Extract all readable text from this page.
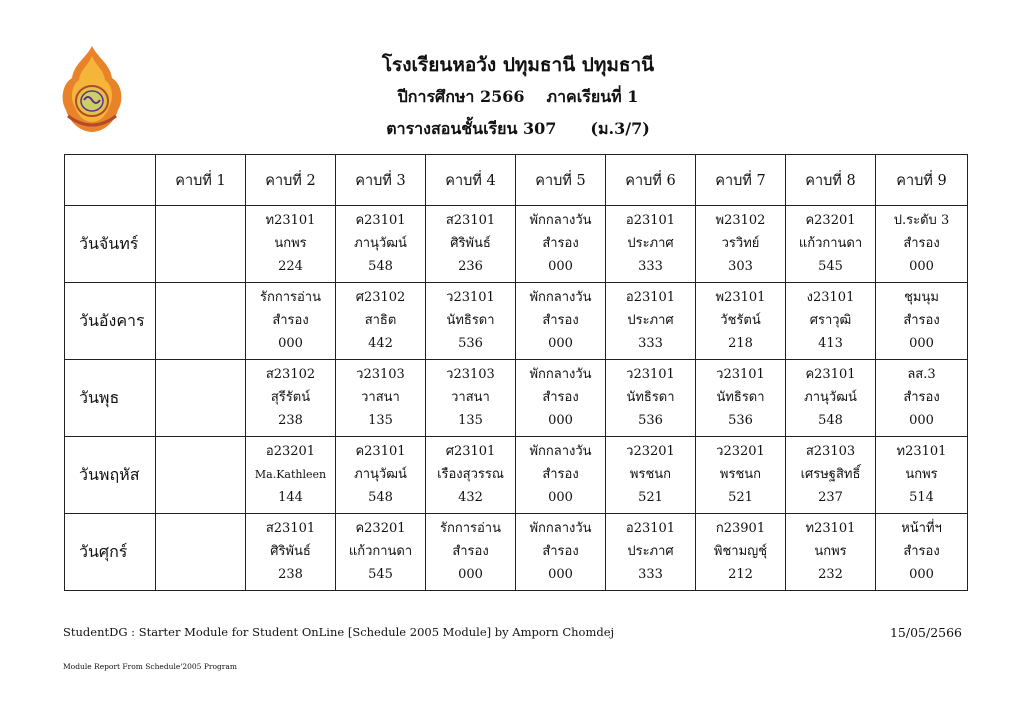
โรงเรียนหอวัง ปทุมธานี ปทุมธานี
ปีการศึกษา 2566 ภาคเรียนที่ 1
ตารางสอนชั้นเรียน 307 (ม.3/7)
	คาบที่ 1	คาบที่ 2	คาบที่ 3	คาบที่ 4	คาบที่ 5	คาบที่ 6	คาบที่ 7	คาบที่ 8	คาบที่ 9
วันจันทร์		ท23101
นกพร
224	ค23101
ภานุวัฒน์
548	ส23101
ศิริพันธ์
236	พักกลางวัน
สำรอง
000	อ23101
ประภาศ
333	พ23102
วรวิทย์
303	ค23201
แก้วกานดา
545	ป.ระดับ 3
สำรอง
000

วันอังคาร		รักการอ่าน
สำรอง
000	ศ23102
สาธิต
442	ว23101
นัทธิรดา
536	พักกลางวัน
สำรอง
000	อ23101
ประภาศ
333	พ23101
วัชรัตน์
218	ง23101
ศราวุฒิ
413	ชุมนุม
สำรอง
000

วันพุธ		ส23102
สุรีรัตน์
238	ว23103
วาสนา
135	ว23103
วาสนา
135	พักกลางวัน
สำรอง
000	ว23101
นัทธิรดา
536	ว23101
นัทธิรดา
536	ค23101
ภานุวัฒน์
548	ลส.3
สำรอง
000

วันพฤหัส		อ23201
Ma.Kathleen
144	ค23101
ภานุวัฒน์
548	ศ23101
เรืองสุวรรณ
432	พักกลางวัน
สำรอง
000	ว23201
พรชนก
521	ว23201
พรชนก
521	ส23103
เศรษฐสิทธิ์
237	ท23101
นกพร
514

วันศุกร์		ส23101
ศิริพันธ์
238	ค23201
แก้วกานดา
545	รักการอ่าน
สำรอง
000	พักกลางวัน
สำรอง
000	อ23101
ประภาศ
333	ก23901
พิชามญชุ์
212	ท23101
นกพร
232	หน้าที่ฯ
สำรอง
000
StudentDG : Starter Module for Student OnLine [Schedule 2005 Module] by Amporn Chomdej	15/05/2566
Module Report From Schedule'2005 Program
